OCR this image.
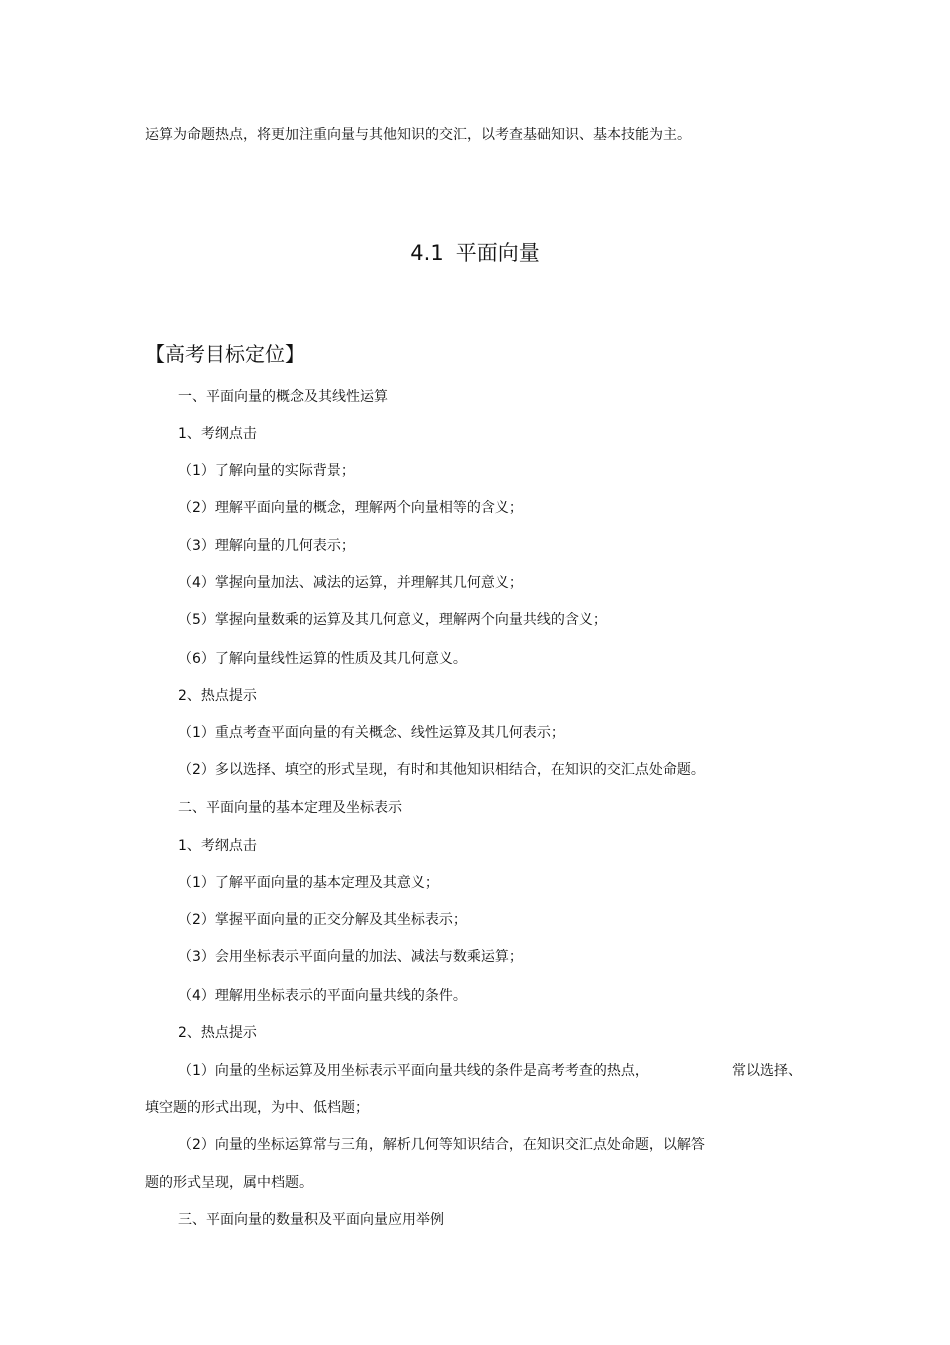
运算为命题热点，将更加注重向量与其他知识的交汇，以考查基础知识、基本技能为主。
4.1 平面向量
【高考目标定位】
一、平面向量的概念及其线性运算
1、考纲点击
（1）了解向量的实际背景；
（2）理解平面向量的概念，理解两个向量相等的含义；
（3）理解向量的几何表示；
（4）掌握向量加法、减法的运算，并理解其几何意义；
（5）掌握向量数乘的运算及其几何意义，理解两个向量共线的含义；
（6）了解向量线性运算的性质及其几何意义。
2、热点提示
（1）重点考查平面向量的有关概念、线性运算及其几何表示；
（2）多以选择、填空的形式呈现，有时和其他知识相结合，在知识的交汇点处命题。
二、平面向量的基本定理及坐标表示
1、考纲点击
（1）了解平面向量的基本定理及其意义；
（2）掌握平面向量的正交分解及其坐标表示；
（3）会用坐标表示平面向量的加法、减法与数乘运算；
（4）理解用坐标表示的平面向量共线的条件。
2、热点提示
（1）向量的坐标运算及用坐标表示平面向量共线的条件是高考考查的热点，	常以选择、
填空题的形式出现，为中、低档题；
（2）向量的坐标运算常与三角，解析几何等知识结合，在知识交汇点处命题，以解答
题的形式呈现，属中档题。
三、平面向量的数量积及平面向量应用举例
